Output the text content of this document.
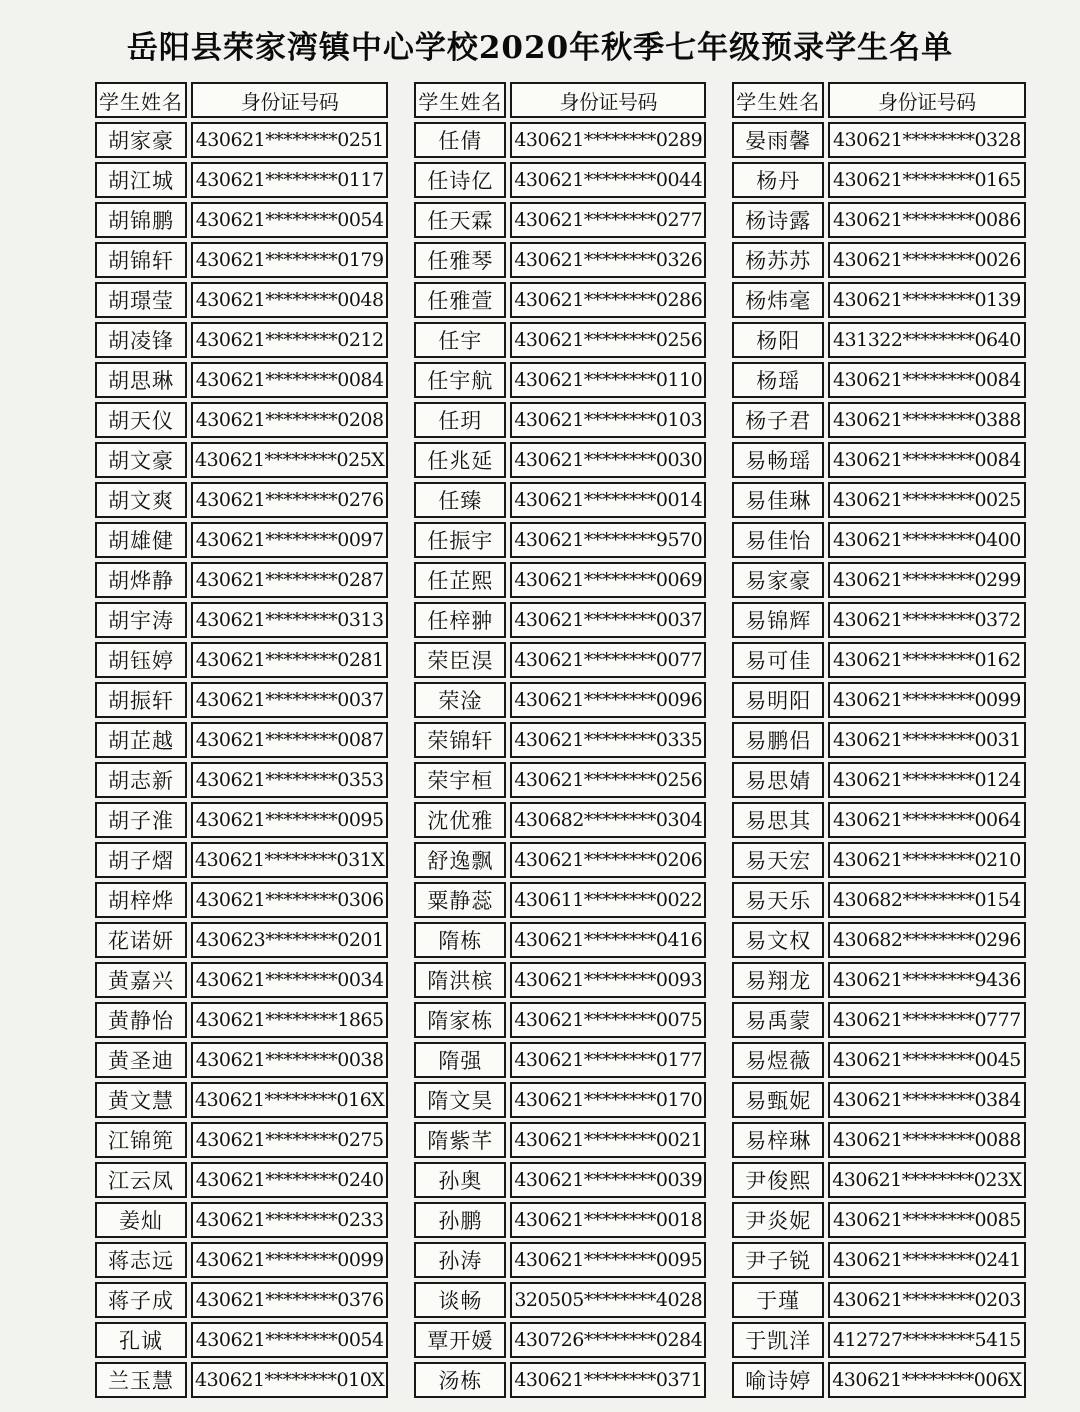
岳阳县荣家湾镇中心学校2020年秋季七年级预录学生名单
学生姓名	身份证号码
胡家豪	430621********0251
胡江城	430621********0117
胡锦鹏	430621********0054
胡锦轩	430621********0179
胡璟莹	430621********0048
胡凌锋	430621********0212
胡思琳	430621********0084
胡天仪	430621********0208
胡文豪	430621********025X
胡文爽	430621********0276
胡雄健	430621********0097
胡烨静	430621********0287
胡宇涛	430621********0313
胡钰婷	430621********0281
胡振轩	430621********0037
胡芷越	430621********0087
胡志新	430621********0353
胡子淮	430621********0095
胡子熠	430621********031X
胡梓烨	430621********0306
花诺妍	430623********0201
黄嘉兴	430621********0034
黄静怡	430621********1865
黄圣迪	430621********0038
黄文慧	430621********016X
江锦篼	430621********0275
江云凤	430621********0240
姜灿	430621********0233
蒋志远	430621********0099
蒋子成	430621********0376
孔诚	430621********0054
兰玉慧	430621********010X
学生姓名	身份证号码
任倩	430621********0289
任诗亿	430621********0044
任天霖	430621********0277
任雅琴	430621********0326
任雅萱	430621********0286
任宇	430621********0256
任宇航	430621********0110
任玥	430621********0103
任兆延	430621********0030
任臻	430621********0014
任振宇	430621********9570
任芷熙	430621********0069
任梓翀	430621********0037
荣臣淏	430621********0077
荣淦	430621********0096
荣锦轩	430621********0335
荣宇桓	430621********0256
沈优雅	430682********0304
舒逸飘	430621********0206
粟静蕊	430611********0022
隋栋	430621********0416
隋洪槟	430621********0093
隋家栋	430621********0075
隋强	430621********0177
隋文昊	430621********0170
隋紫芊	430621********0021
孙奥	430621********0039
孙鹏	430621********0018
孙涛	430621********0095
谈畅	320505********4028
覃开媛	430726********0284
汤栋	430621********0371
学生姓名	身份证号码
晏雨馨	430621********0328
杨丹	430621********0165
杨诗露	430621********0086
杨苏苏	430621********0026
杨炜毫	430621********0139
杨阳	431322********0640
杨瑶	430621********0084
杨子君	430621********0388
易畅瑶	430621********0084
易佳琳	430621********0025
易佳怡	430621********0400
易家豪	430621********0299
易锦辉	430621********0372
易可佳	430621********0162
易明阳	430621********0099
易鹏侣	430621********0031
易思婧	430621********0124
易思其	430621********0064
易天宏	430621********0210
易天乐	430682********0154
易文权	430682********0296
易翔龙	430621********9436
易禹蒙	430621********0777
易煜薇	430621********0045
易甄妮	430621********0384
易梓琳	430621********0088
尹俊熙	430621********023X
尹炎妮	430621********0085
尹子锐	430621********0241
于瑾	430621********0203
于凯洋	412727********5415
喻诗婷	430621********006X
